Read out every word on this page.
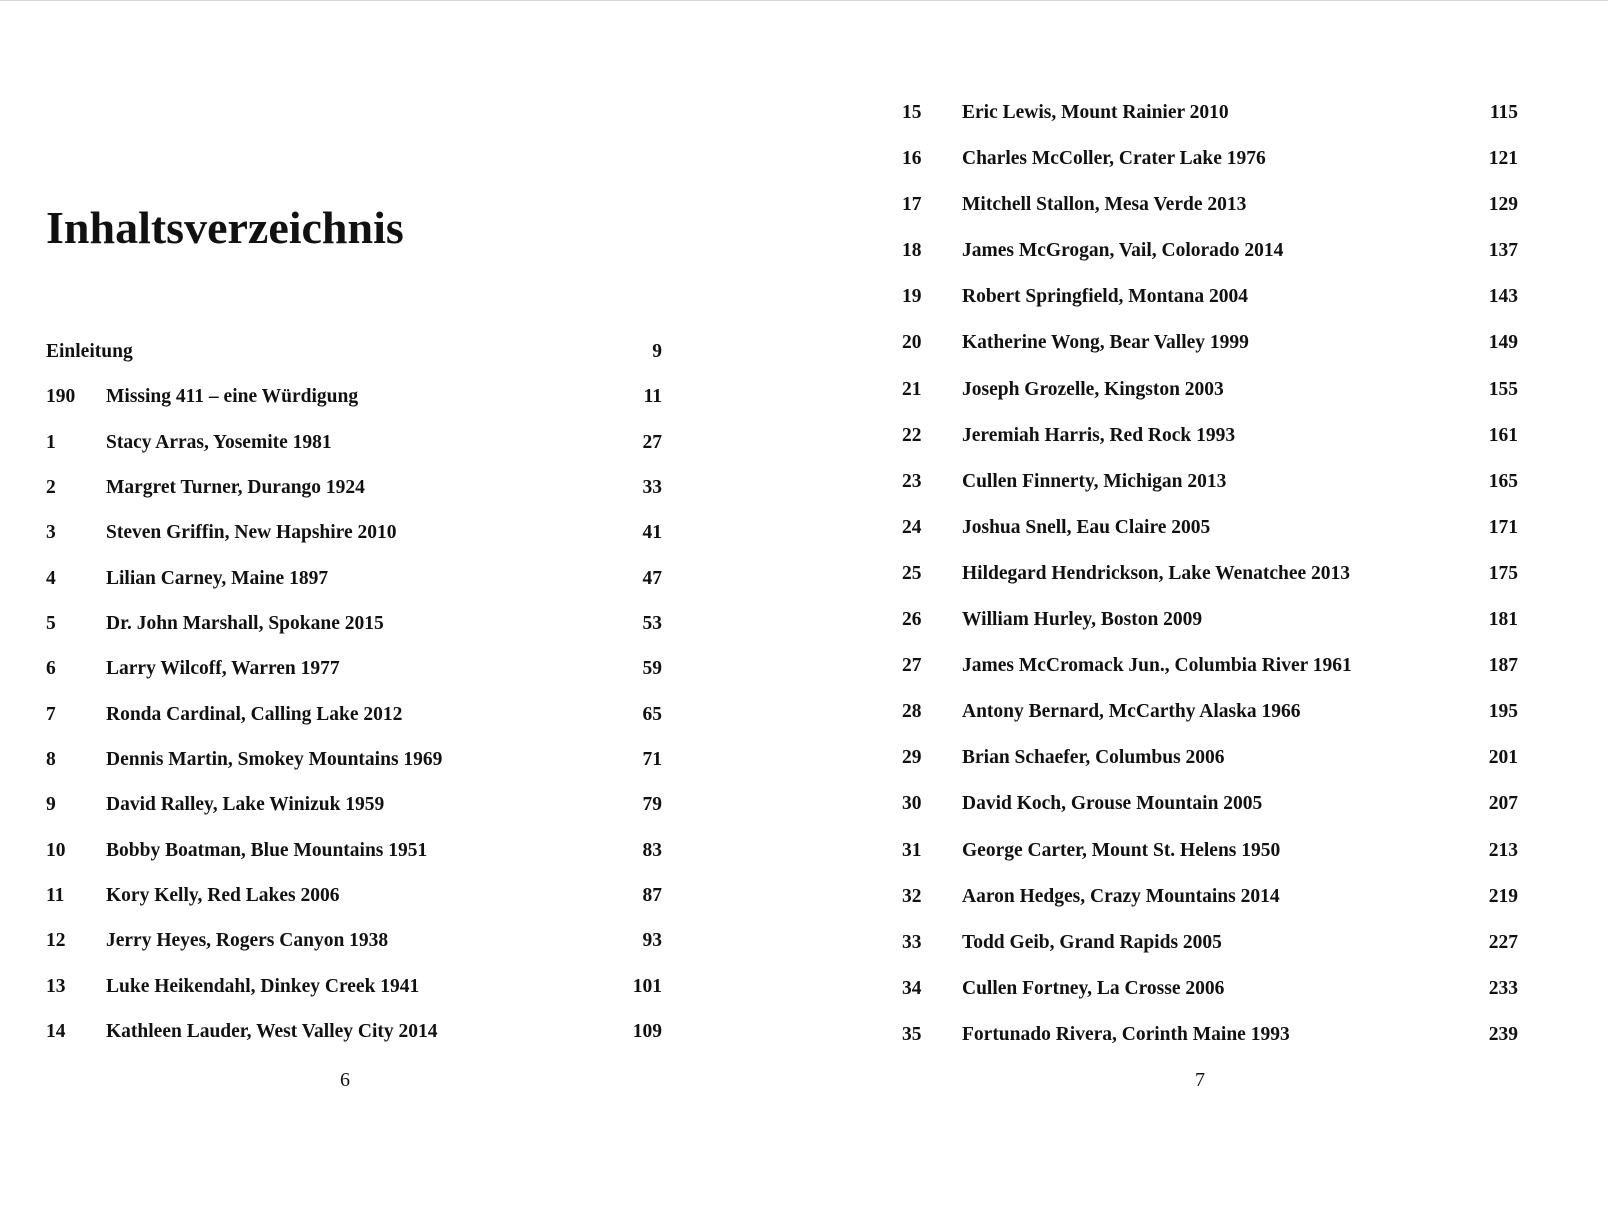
Inhaltsverzeichnis
Einleitung	9
190 Missing 411 – eine Würdigung	11
1	Stacy Arras, Yosemite 1981	27
2	Margret Turner, Durango 1924	33
3	Steven Griffin, New Hapshire 2010	41
4	Lilian Carney, Maine 1897	47
5	Dr. John Marshall, Spokane 2015	53
6	Larry Wilcoff, Warren 1977	59
7	Ronda Cardinal, Calling Lake 2012	65
8	Dennis Martin, Smokey Mountains 1969	71
9	David Ralley, Lake Winizuk 1959	79
10 Bobby Boatman, Blue Mountains 1951	83
11 Kory Kelly, Red Lakes 2006	87
12 Jerry Heyes, Rogers Canyon 1938	93
13 Luke Heikendahl, Dinkey Creek 1941	101
14 Kathleen Lauder, West Valley City 2014	109
6
15 Eric Lewis, Mount Rainier 2010	115
16 Charles McColler, Crater Lake 1976	121
17 Mitchell Stallon, Mesa Verde 2013	129
18 James McGrogan, Vail, Colorado 2014	137
19 Robert Springfield, Montana 2004	143
20 Katherine Wong, Bear Valley 1999	149
21 Joseph Grozelle, Kingston 2003	155
22 Jeremiah Harris, Red Rock 1993	161
23 Cullen Finnerty, Michigan 2013	165
24 Joshua Snell, Eau Claire 2005	171
25 Hildegard Hendrickson, Lake Wenatchee 2013	175
26 William Hurley, Boston 2009	181
27 James McCromack Jun., Columbia River 1961	187
28 Antony Bernard, McCarthy Alaska 1966	195
29 Brian Schaefer, Columbus 2006	201
30 David Koch, Grouse Mountain 2005	207
31 George Carter, Mount St. Helens 1950	213
32 Aaron Hedges, Crazy Mountains 2014	219
33 Todd Geib, Grand Rapids 2005	227
34 Cullen Fortney, La Crosse 2006	233
35 Fortunado Rivera, Corinth Maine 1993	239
7
